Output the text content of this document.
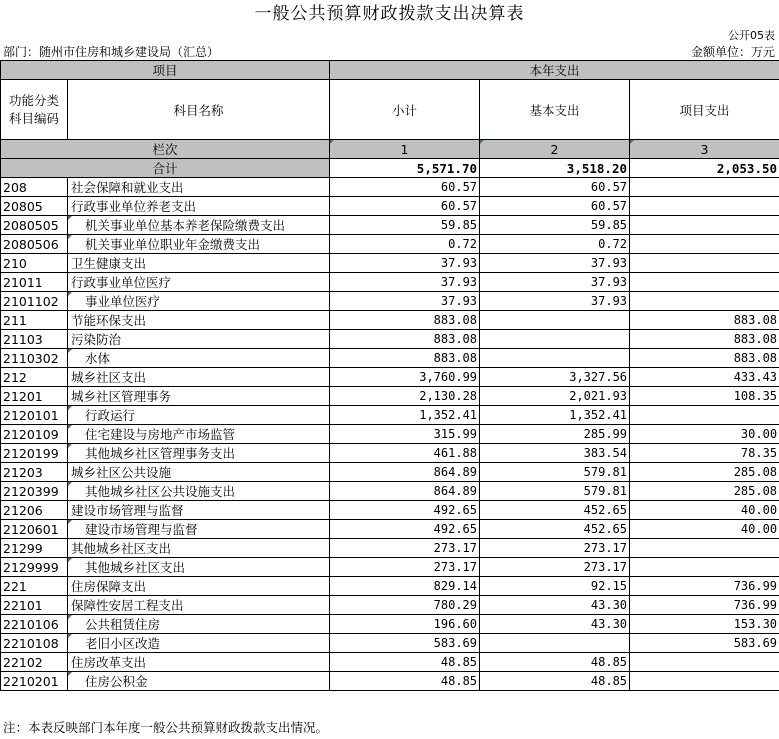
一般公共预算财政拨款支出决算表
公开05表
部门：随州市住房和城乡建设局（汇总）	金额单位：万元
项目		本年支出		
功能分类
科目编码	科目名称	小计	基本支出	项目支出
栏次		1	2	3
合计		5,571.70	3,518.20	2,053.50
208	社会保障和就业支出	60.57	60.57	
20805	行政事业单位养老支出	60.57	60.57	
2080505	机关事业单位基本养老保险缴费支出	59.85	59.85	
2080506	机关事业单位职业年金缴费支出	0.72	0.72	
210	卫生健康支出	37.93	37.93	
21011	行政事业单位医疗	37.93	37.93	
2101102	事业单位医疗	37.93	37.93	
211	节能环保支出	883.08		883.08
21103	污染防治	883.08		883.08
2110302	水体	883.08		883.08
212	城乡社区支出	3,760.99	3,327.56	433.43
21201	城乡社区管理事务	2,130.28	2,021.93	108.35
2120101	行政运行	1,352.41	1,352.41	
2120109	住宅建设与房地产市场监管	315.99	285.99	30.00
2120199	其他城乡社区管理事务支出	461.88	383.54	78.35
21203	城乡社区公共设施	864.89	579.81	285.08
2120399	其他城乡社区公共设施支出	864.89	579.81	285.08
21206	建设市场管理与监督	492.65	452.65	40.00
2120601	建设市场管理与监督	492.65	452.65	40.00
21299	其他城乡社区支出	273.17	273.17	
2129999	其他城乡社区支出	273.17	273.17	
221	住房保障支出	829.14	92.15	736.99
22101	保障性安居工程支出	780.29	43.30	736.99
2210106	公共租赁住房	196.60	43.30	153.30
2210108	老旧小区改造	583.69		583.69
22102	住房改革支出	48.85	48.85	
2210201	住房公积金	48.85	48.85	
注：本表反映部门本年度一般公共预算财政拨款支出情况。
